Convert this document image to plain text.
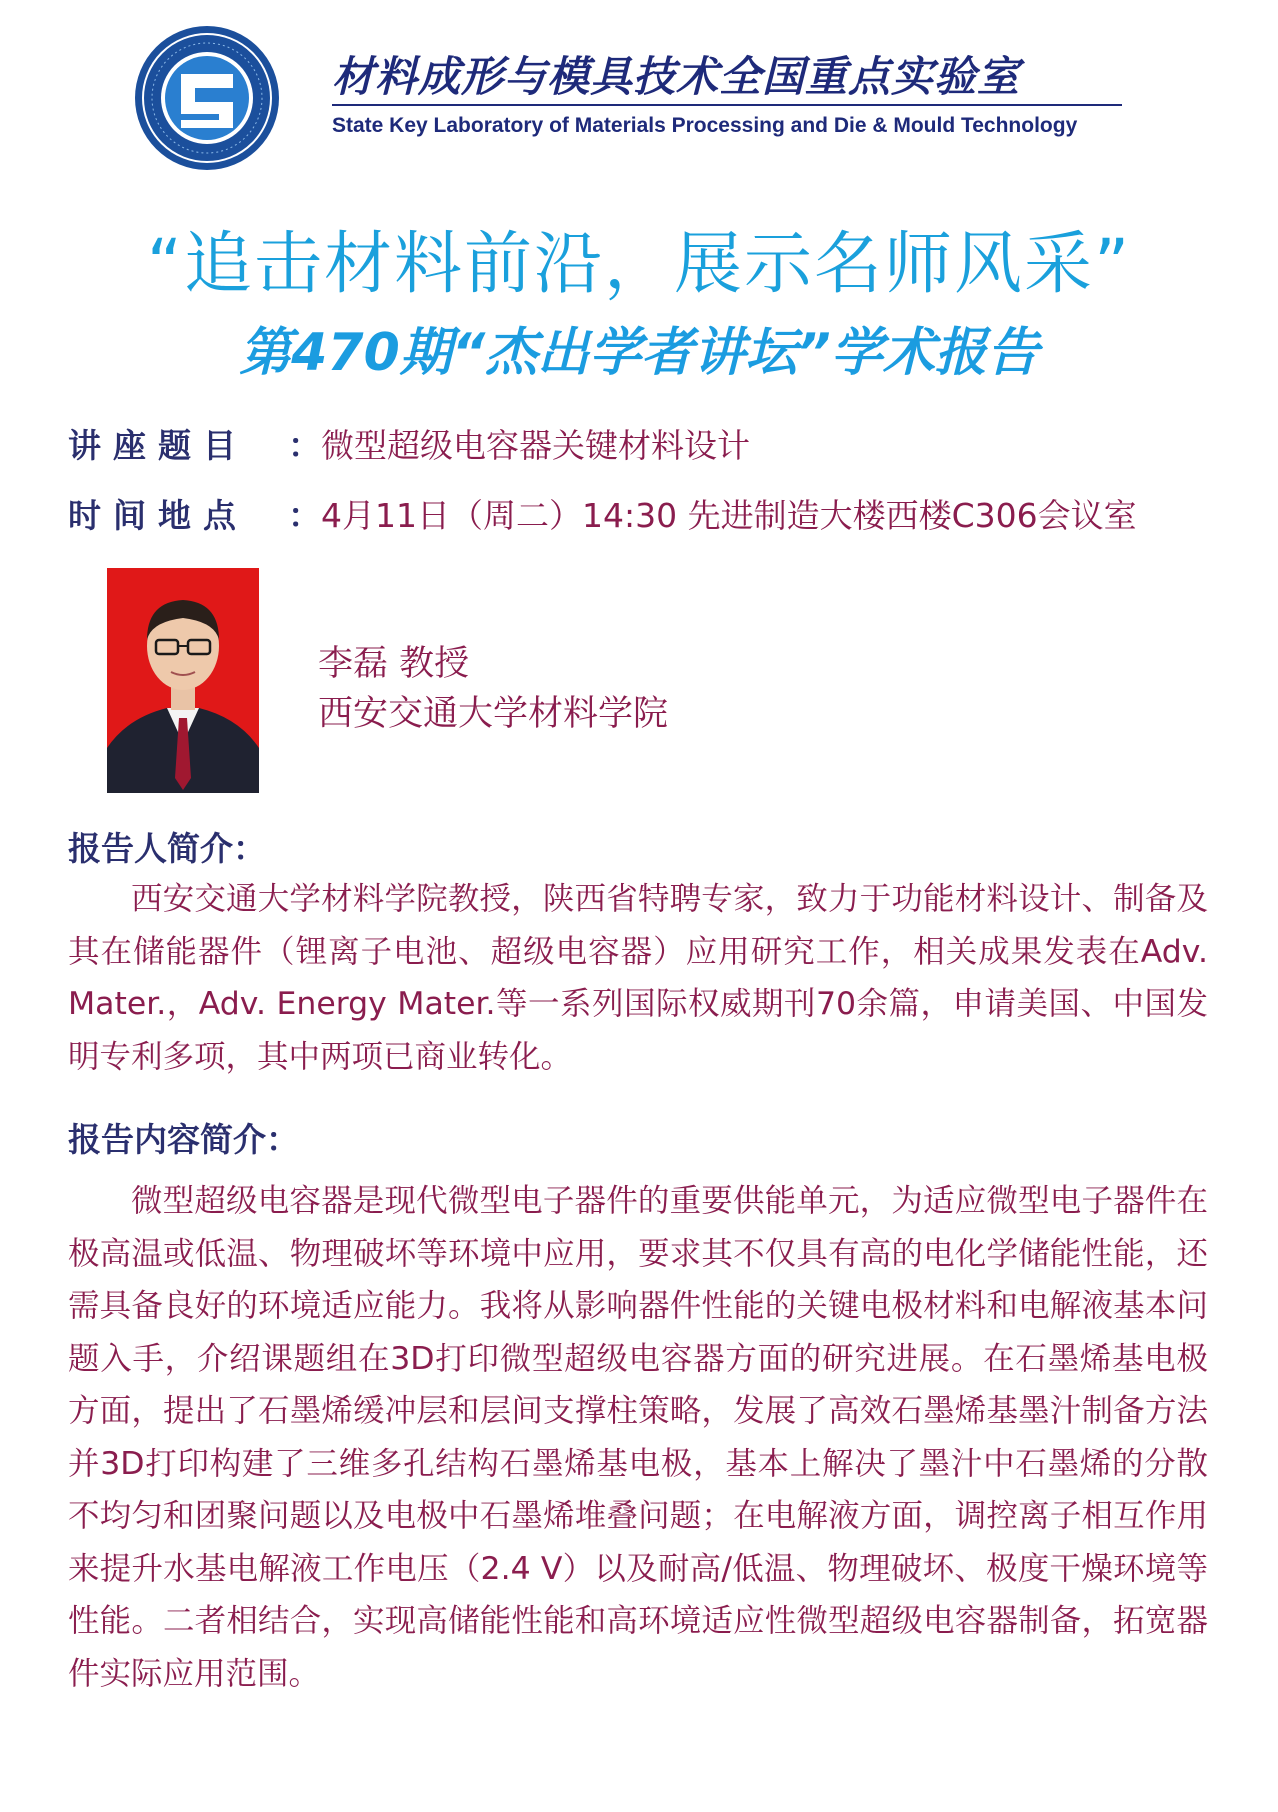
材料成形与模具技术全国重点实验室
State Key Laboratory of Materials Processing and Die & Mould Technology
“追击材料前沿，展示名师风采”
第470期“杰出学者讲坛”学术报告
讲座题目 ：微型超级电容器关键材料设计
时间地点 ：4月11日（周二）14:30 先进制造大楼西楼C306会议室
李磊 教授
西安交通大学材料学院
报告人简介：
西安交通大学材料学院教授，陕西省特聘专家，致力于功能材料设计、制备及其在储能器件（锂离子电池、超级电容器）应用研究工作，相关成果发表在Adv. Mater.，Adv. Energy Mater.等一系列国际权威期刊70余篇，申请美国、中国发明专利多项，其中两项已商业转化。
报告内容简介：
微型超级电容器是现代微型电子器件的重要供能单元，为适应微型电子器件在极高温或低温、物理破坏等环境中应用，要求其不仅具有高的电化学储能性能，还需具备良好的环境适应能力。我将从影响器件性能的关键电极材料和电解液基本问题入手，介绍课题组在3D打印微型超级电容器方面的研究进展。在石墨烯基电极方面，提出了石墨烯缓冲层和层间支撑柱策略，发展了高效石墨烯基墨汁制备方法并3D打印构建了三维多孔结构石墨烯基电极，基本上解决了墨汁中石墨烯的分散不均匀和团聚问题以及电极中石墨烯堆叠问题；在电解液方面，调控离子相互作用来提升水基电解液工作电压（2.4 V）以及耐高/低温、物理破坏、极度干燥环境等性能。二者相结合，实现高储能性能和高环境适应性微型超级电容器制备，拓宽器件实际应用范围。
